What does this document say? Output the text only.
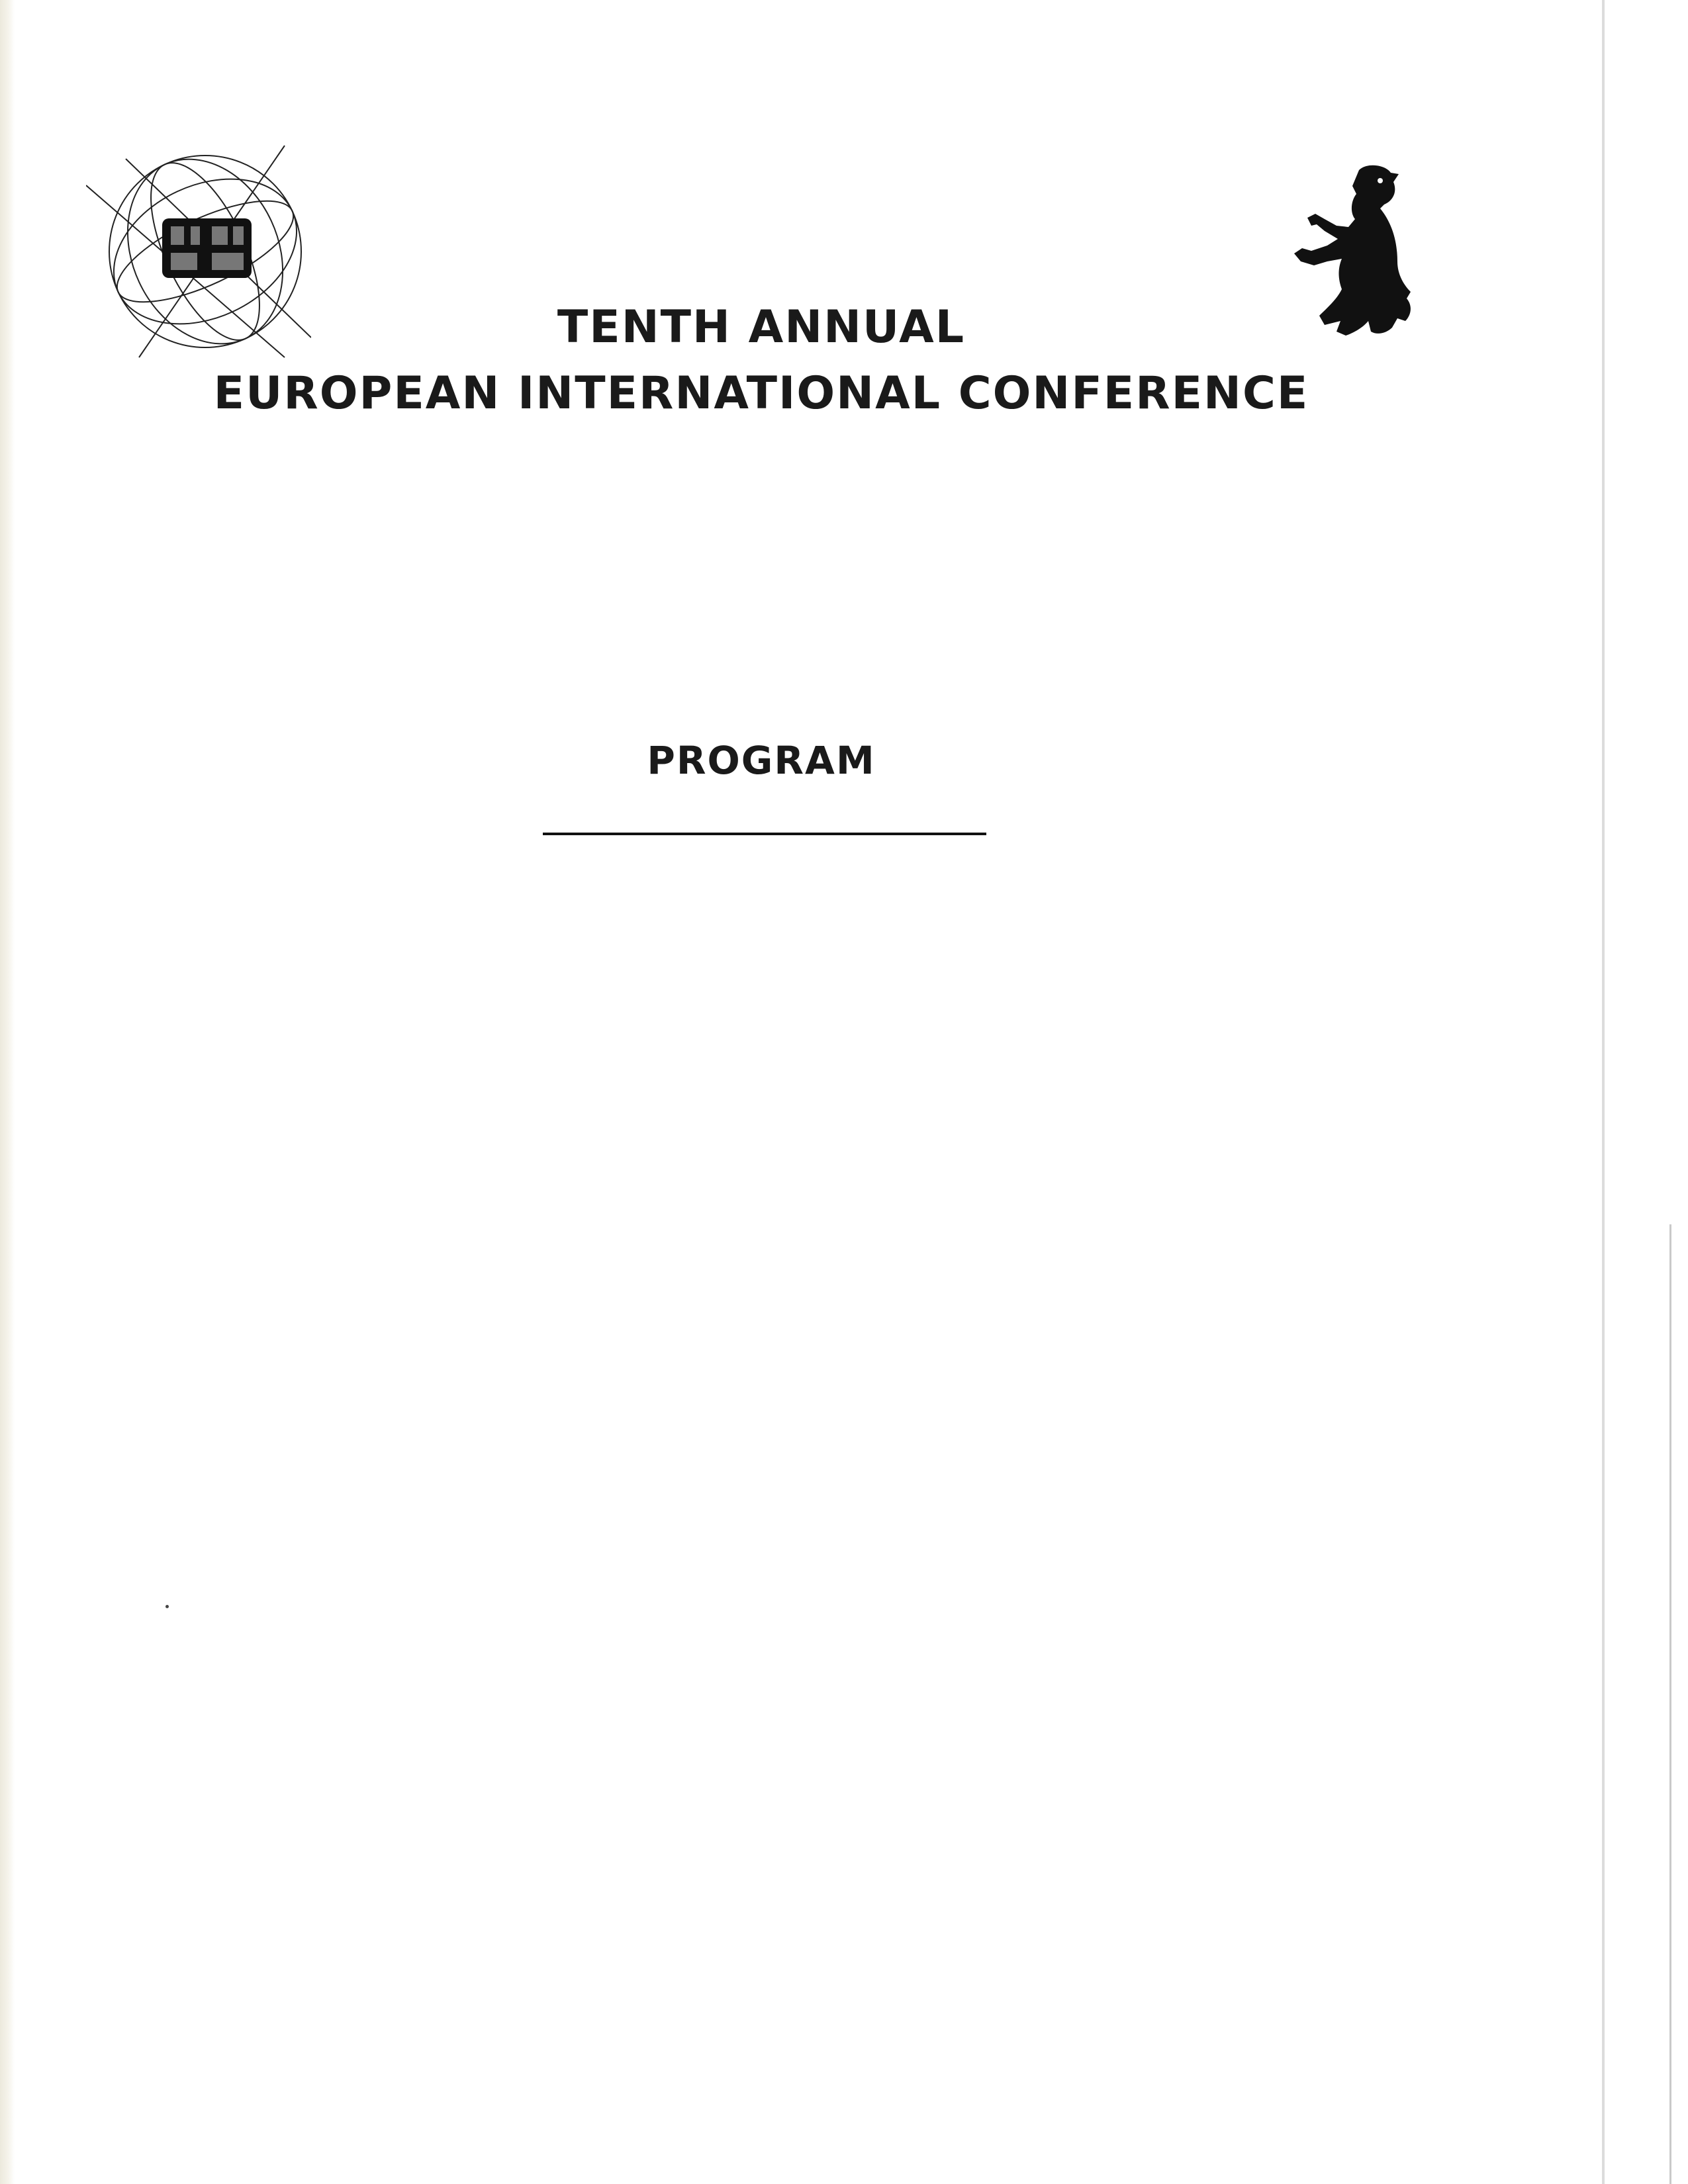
TENTH ANNUAL
EUROPEAN INTERNATIONAL CONFERENCE
PROGRAM
